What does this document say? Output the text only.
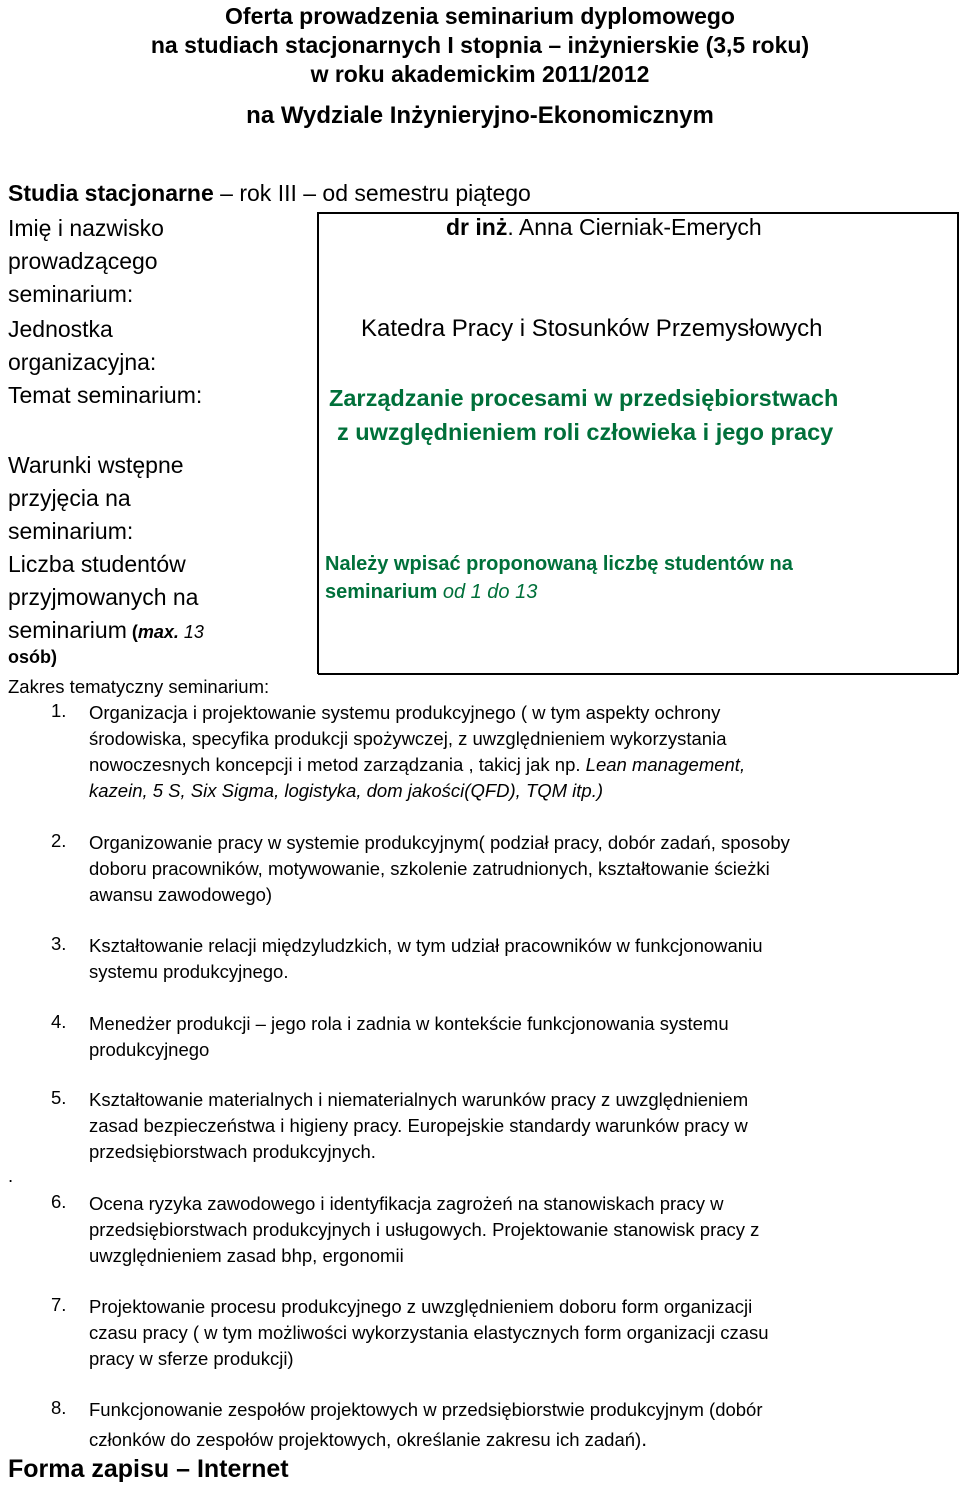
Oferta prowadzenia seminarium dyplomowego
na studiach stacjonarnych I stopnia – inżynierskie (3,5 roku)
w roku akademickim 2011/2012
na Wydziale Inżynieryjno-Ekonomicznym
Studia stacjonarne – rok III – od semestru piątego
Imię i nazwisko
prowadzącego
seminarium:
dr inż. Anna Cierniak-Emerych
Jednostka
organizacyjna:
Katedra Pracy i Stosunków Przemysłowych
Temat seminarium:	Zarządzanie procesami w przedsiębiorstwach
z uwzględnieniem roli człowieka i jego pracy
Warunki wstępne
przyjęcia na
seminarium:
Liczba studentów
przyjmowanych na
seminarium (max. 13
osób)
Należy wpisać proponowaną liczbę studentów na
seminarium od 1 do 13
Zakres tematyczny seminarium:
1. Organizacja i projektowanie systemu produkcyjnego ( w tym aspekty ochrony
środowiska, specyfika produkcji spożywczej, z uwzględnieniem wykorzystania
nowoczesnych koncepcji i metod zarządzania , takicj jak np. Lean management,
kazein, 5 S, Six Sigma, logistyka, dom jakości(QFD), TQM itp.)
2. Organizowanie pracy w systemie produkcyjnym( podział pracy, dobór zadań, sposoby
doboru pracowników, motywowanie, szkolenie zatrudnionych, kształtowanie ścieżki
awansu zawodowego)
3. Kształtowanie relacji międzyludzkich, w tym udział pracowników w funkcjonowaniu
systemu produkcyjnego.
4. Menedżer produkcji – jego rola i zadnia w kontekście funkcjonowania systemu
produkcyjnego
5. Kształtowanie materialnych i niematerialnych warunków pracy z uwzględnieniem
zasad bezpieczeństwa i higieny pracy. Europejskie standardy warunków pracy w
przedsiębiorstwach produkcyjnych.
.
6. Ocena ryzyka zawodowego i identyfikacja zagrożeń na stanowiskach pracy w
przedsiębiorstwach produkcyjnych i usługowych. Projektowanie stanowisk pracy z
uwzględnieniem zasad bhp, ergonomii
7. Projektowanie procesu produkcyjnego z uwzględnieniem doboru form organizacji
czasu pracy ( w tym możliwości wykorzystania elastycznych form organizacji czasu
pracy w sferze produkcji)
8. Funkcjonowanie zespołów projektowych w przedsiębiorstwie produkcyjnym (dobór
członków do zespołów projektowych, określanie zakresu ich zadań).
Forma zapisu – Internet
